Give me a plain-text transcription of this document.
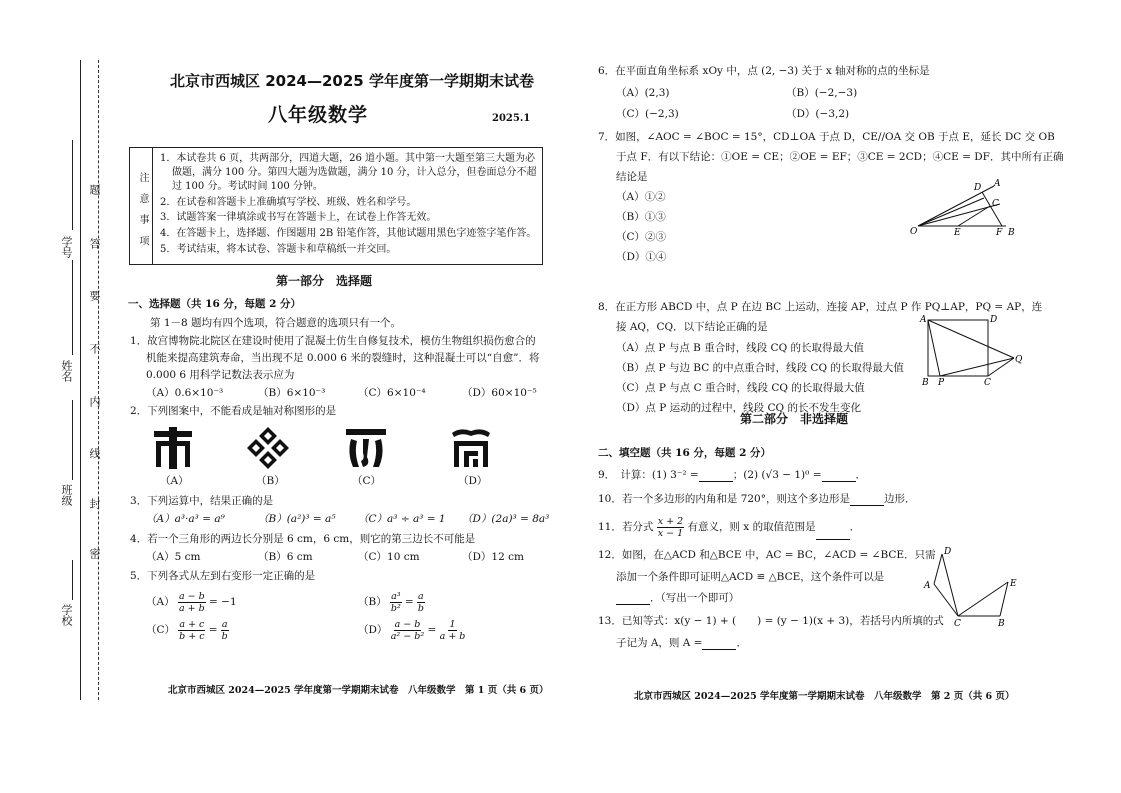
学校
班级
姓名
学号
密
封
线
内
不
要
答
题
北京市西城区 2024—2025 学年度第一学期期末试卷
八年级数学	2025.1
注 意 事 项
1．本试卷共 6 页，共两部分，四道大题，26 道小题。其中第一大题至第三大题为必
做题，满分 100 分。第四大题为选做题，满分 10 分，计入总分，但卷面总分不超
过 100 分。考试时间 100 分钟。
2．在试卷和答题卡上准确填写学校、班级、姓名和学号。
3．试题答案一律填涂或书写在答题卡上，在试卷上作答无效。
4．在答题卡上，选择题、作图题用 2B 铅笔作答，其他试题用黑色字迹签字笔作答。
5．考试结束，将本试卷、答题卡和草稿纸一并交回。
第一部分　选择题
一、选择题（共 16 分，每题 2 分）
第 1－8 题均有四个选项，符合题意的选项只有一个。
1．故宫博物院北院区在建设时使用了混凝土仿生自修复技术，模仿生物组织损伤愈合的
机能来提高建筑寿命，当出现不足 0.000 6 米的裂缝时，这种混凝土可以“自愈”．将
0.000 6 用科学记数法表示应为
（A）0.6×10⁻³	（B）6×10⁻³	（C）6×10⁻⁴	（D）60×10⁻⁵
2．下列图案中，不能看成是轴对称图形的是
（A）	（B）	（C）	（D）
3．下列运算中，结果正确的是
（A）a³·a³ = a⁹	（B）(a²)³ = a⁵ （C）a³ ÷ a³ = 1 （D）(2a)³ = 8a³
4．若一个三角形的两边长分别是 6 cm，6 cm，则它的第三边长不可能是
（A）5 cm	（B）6 cm	（C）10 cm	（D）12 cm
5．下列各式从左到右变形一定正确的是
$(A) \frac{a - b}{a + b} = -1$	$(B) \frac{\text{a³}}{\text{b²}} = \frac{a}{b}$
$(C) \frac{a + c}{b + c} = \frac{a}{b}$	$(D) \frac{a - b}{\text{a² − b²}} = \frac{1}{a + b}$
北京市西城区 2024—2025 学年度第一学期期末试卷　八年级数学　第 1 页（共 6 页）
6．在平面直角坐标系 xOy 中，点 (2, −3) 关于 x 轴对称的点的坐标是
（A）(2,3)	（B）(−2,−3)
（C）(−2,3)	（D）(−3,2)
7．如图，∠AOC = ∠BOC = 15°，CD⊥OA 于点 D，CE//OA 交 OB 于点 E，延长 DC 交 OB
于点 F．有以下结论：①OE = CE；②OE = EF；③CE = 2CD；④CE = DF．其中所有正确
结论是
（A）①②
（B）①③
（C）②③
（D）①④
O	E	F B
D A
C
8．在正方形 ABCD 中，点 P 在边 BC 上运动，连接 AP，过点 P 作 PQ⊥AP，PQ = AP，连
接 AQ，CQ．以下结论正确的是
（A）点 P 与点 B 重合时，线段 CQ 的长取得最大值
（B）点 P 与边 BC 的中点重合时，线段 CQ 的长取得最大值
（C）点 P 与点 C 重合时，线段 CQ 的长取得最大值
（D）点 P 运动的过程中，线段 CQ 的长不发生变化
A	D
Q
B P	C
第二部分　非选择题
二、填空题（共 16 分，每题 2 分）
9．　计算：(1) 3⁻² =	；(2) (√3 − 1)⁰ =	．
10．若一个多边形的内角和是 720°，则这个多边形是	边形．
11．若分式 $\frac{x + 2}{x - 1}$ 有意义，则 x 的取值范围是	．
12．如图，在△ACD 和△BCE 中，AC = BC，∠ACD = ∠BCE．只需
添加一个条件即可证明△ACD ≌ △BCE，这个条件可以是
．（写出一个即可）
D
A	E
C	B
13．已知等式：x(y − 1) + (　　) = (y − 1)(x + 3)，若括号内所填的式
子记为 A，则 A =	．
北京市西城区 2024—2025 学年度第一学期期末试卷　八年级数学　第 2 页（共 6 页）
